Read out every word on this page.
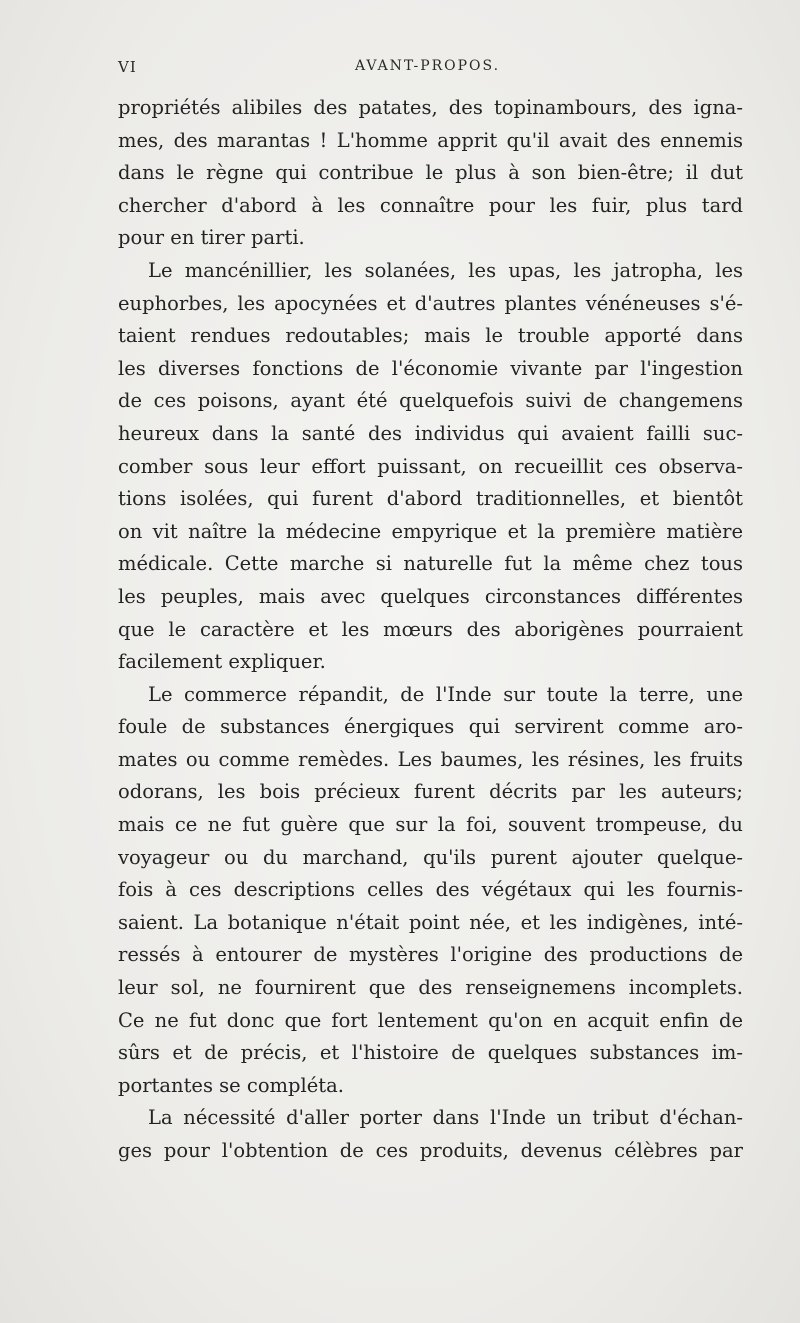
VI	AVANT-PROPOS.
propriétés alibiles des patates, des topinambours, des igna-
mes, des marantas ! L'homme apprit qu'il avait des ennemis
dans le règne qui contribue le plus à son bien-être; il dut
chercher d'abord à les connaître pour les fuir, plus tard
pour en tirer parti.
Le mancénillier, les solanées, les upas, les jatropha, les
euphorbes, les apocynées et d'autres plantes vénéneuses s'é-
taient rendues redoutables; mais le trouble apporté dans
les diverses fonctions de l'économie vivante par l'ingestion
de ces poisons, ayant été quelquefois suivi de changemens
heureux dans la santé des individus qui avaient failli suc-
comber sous leur effort puissant, on recueillit ces observa-
tions isolées, qui furent d'abord traditionnelles, et bientôt
on vit naître la médecine empyrique et la première matière
médicale. Cette marche si naturelle fut la même chez tous
les peuples, mais avec quelques circonstances différentes
que le caractère et les mœurs des aborigènes pourraient
facilement expliquer.
Le commerce répandit, de l'Inde sur toute la terre, une
foule de substances énergiques qui servirent comme aro-
mates ou comme remèdes. Les baumes, les résines, les fruits
odorans, les bois précieux furent décrits par les auteurs;
mais ce ne fut guère que sur la foi, souvent trompeuse, du
voyageur ou du marchand, qu'ils purent ajouter quelque-
fois à ces descriptions celles des végétaux qui les fournis-
saient. La botanique n'était point née, et les indigènes, inté-
ressés à entourer de mystères l'origine des productions de
leur sol, ne fournirent que des renseignemens incomplets.
Ce ne fut donc que fort lentement qu'on en acquit enfin de
sûrs et de précis, et l'histoire de quelques substances im-
portantes se compléta.
La nécessité d'aller porter dans l'Inde un tribut d'échan-
ges pour l'obtention de ces produits, devenus célèbres par
